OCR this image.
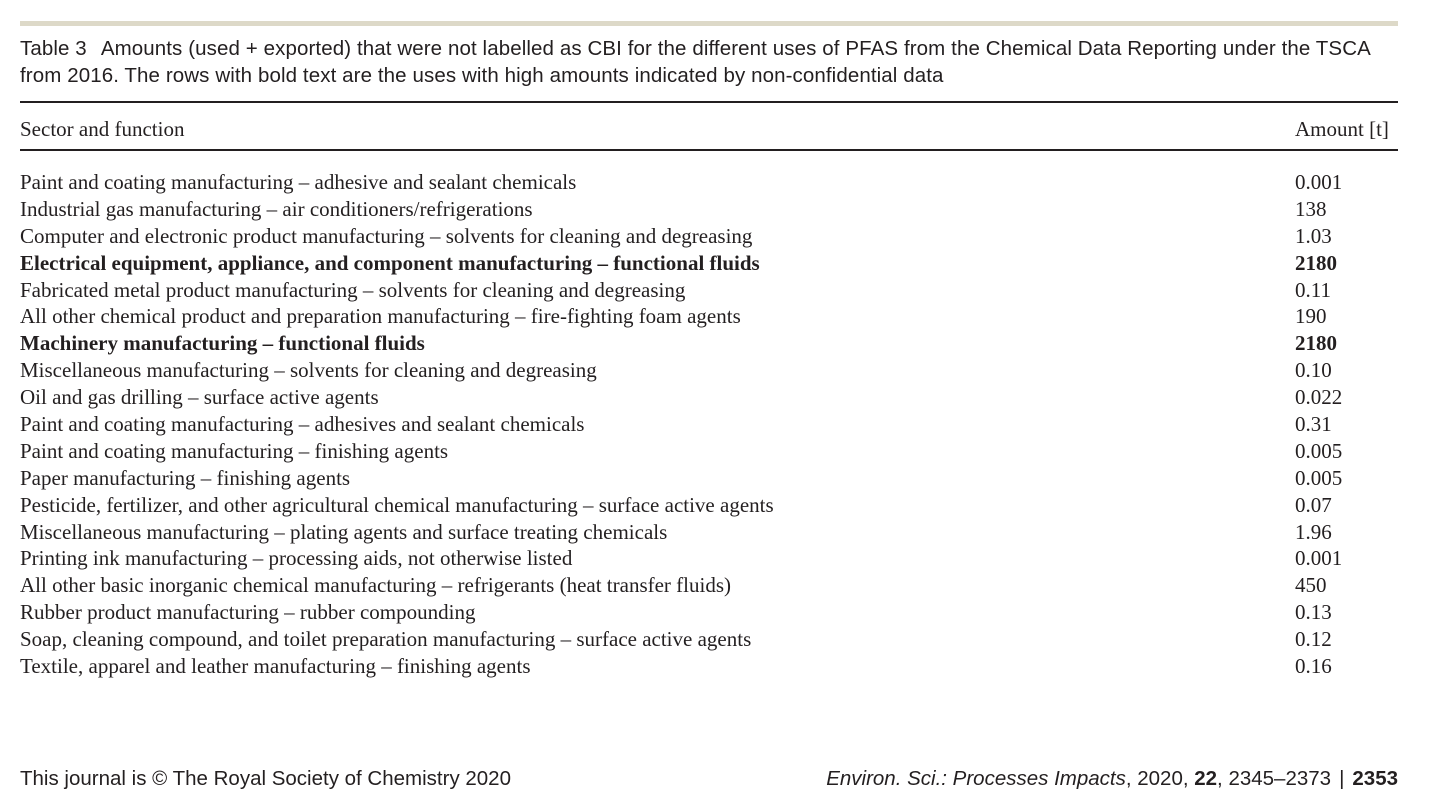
Table 3 Amounts (used + exported) that were not labelled as CBI for the different uses of PFAS from the Chemical Data Reporting under the TSCA from 2016. The rows with bold text are the uses with high amounts indicated by non-confidential data
Sector and function	Amount [t]
Paint and coating manufacturing – adhesive and sealant chemicals	0.001
Industrial gas manufacturing – air conditioners/refrigerations	138
Computer and electronic product manufacturing – solvents for cleaning and degreasing	1.03
Electrical equipment, appliance, and component manufacturing – functional fluids	2180
Fabricated metal product manufacturing – solvents for cleaning and degreasing	0.11
All other chemical product and preparation manufacturing – fire-fighting foam agents	190
Machinery manufacturing – functional fluids	2180
Miscellaneous manufacturing – solvents for cleaning and degreasing	0.10
Oil and gas drilling – surface active agents	0.022
Paint and coating manufacturing – adhesives and sealant chemicals	0.31
Paint and coating manufacturing – finishing agents	0.005
Paper manufacturing – finishing agents	0.005
Pesticide, fertilizer, and other agricultural chemical manufacturing – surface active agents	0.07
Miscellaneous manufacturing – plating agents and surface treating chemicals	1.96
Printing ink manufacturing – processing aids, not otherwise listed	0.001
All other basic inorganic chemical manufacturing – refrigerants (heat transfer fluids)	450
Rubber product manufacturing – rubber compounding	0.13
Soap, cleaning compound, and toilet preparation manufacturing – surface active agents	0.12
Textile, apparel and leather manufacturing – finishing agents	0.16
This journal is © The Royal Society of Chemistry 2020	Environ. Sci.: Processes Impacts, 2020, 22, 2345–2373 | 2353
